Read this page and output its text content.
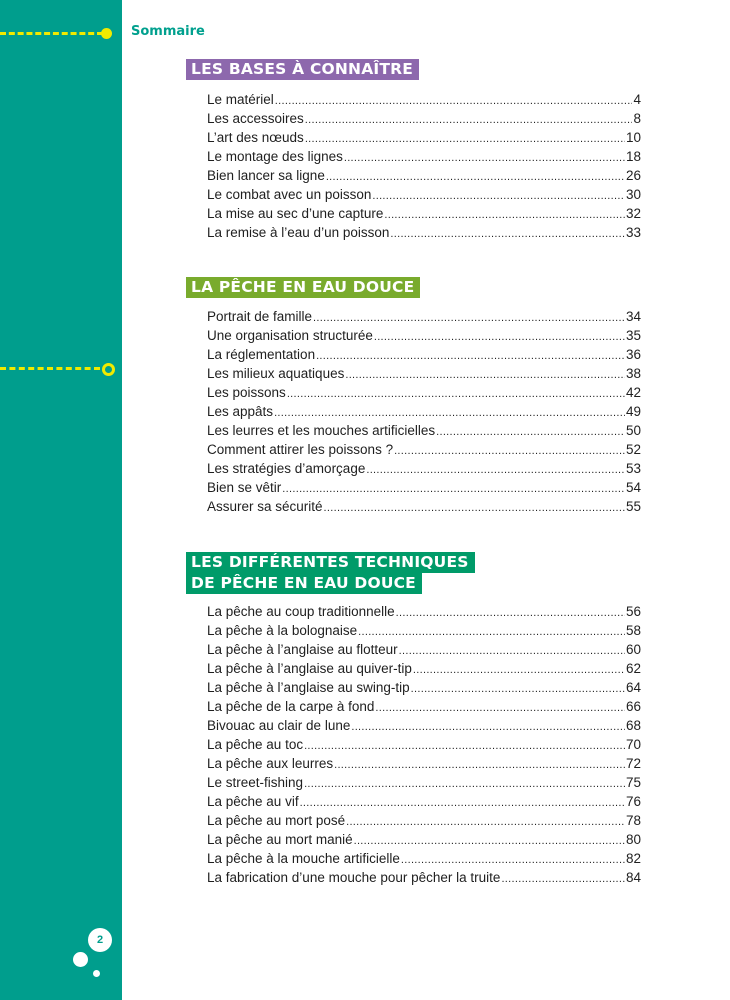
2
Sommaire
LES BASES À CONNAÎTRE
Le matériel .....	4
Les accessoires .....	8
L’art des nœuds .....	10
Le montage des lignes .....	18
Bien lancer sa ligne .....	26
Le combat avec un poisson .....	30
La mise au sec d’une capture .....	32
La remise à l’eau d’un poisson .....	33
LA PÊCHE EN EAU DOUCE
Portrait de famille .....	34
Une organisation structurée .....	35
La réglementation .....	36
Les milieux aquatiques .....	38
Les poissons .....	42
Les appâts .....	49
Les leurres et les mouches artificielles .....	50
Comment attirer les poissons ? .....	52
Les stratégies d’amorçage .....	53
Bien se vêtir .....	54
Assurer sa sécurité .....	55
LES DIFFÉRENTES TECHNIQUES
DE PÊCHE EN EAU DOUCE
La pêche au coup traditionnelle .....	56
La pêche à la bolognaise .....	58
La pêche à l’anglaise au flotteur .....	60
La pêche à l’anglaise au quiver-tip .....	62
La pêche à l’anglaise au swing-tip .....	64
La pêche de la carpe à fond .....	66
Bivouac au clair de lune .....	68
La pêche au toc .....	70
La pêche aux leurres .....	72
Le street-fishing .....	75
La pêche au vif .....	76
La pêche au mort posé .....	78
La pêche au mort manié .....	80
La pêche à la mouche artificielle .....	82
La fabrication d’une mouche pour pêcher la truite .....	84
